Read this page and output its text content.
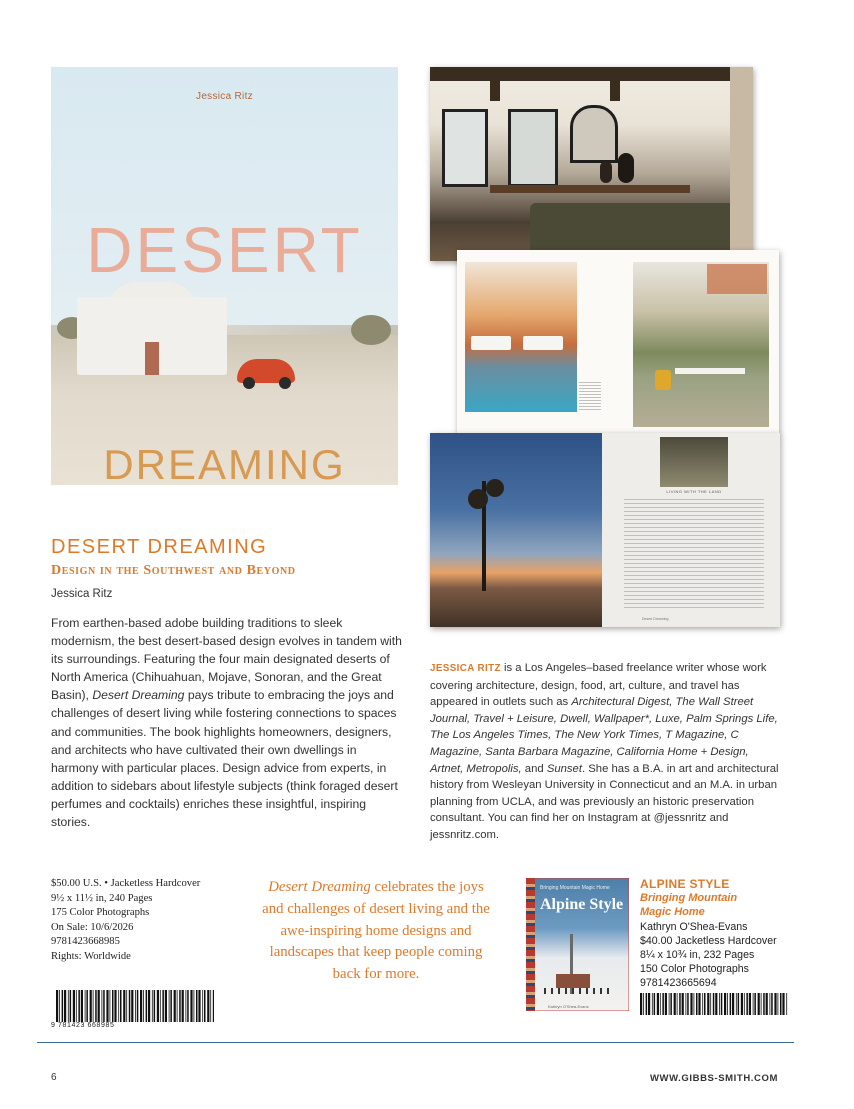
Jessica Ritz
DESERT
DREAMING
LIVING WITH THE LAND
Desert Dreaming
DESERT DREAMING
Design in the Southwest and Beyond
Jessica Ritz
From earthen-based adobe building traditions to sleek modernism, the best desert-based design evolves in tandem with its surroundings. Featuring the four main designated deserts of North America (Chihuahuan, Mojave, Sonoran, and the Great Basin), Desert Dreaming pays tribute to embracing the joys and challenges of desert living while fostering connections to spaces and communities. The book highlights homeowners, designers, and architects who have cultivated their own dwellings in harmony with particular places. Design advice from experts, in addition to sidebars about lifestyle subjects (think foraged desert perfumes and cocktails) enriches these insightful, inspiring stories.
JESSICA RITZ is a Los Angeles–based freelance writer whose work covering architecture, design, food, art, culture, and travel has appeared in outlets such as Architectural Digest, The Wall Street Journal, Travel + Leisure, Dwell, Wallpaper*, Luxe, Palm Springs Life, The Los Angeles Times, The New York Times, T Magazine, C Magazine, Santa Barbara Magazine, California Home + Design, Artnet, Metropolis, and Sunset. She has a B.A. in art and architectural history from Wesleyan University in Connecticut and an M.A. in urban planning from UCLA, and was previously an historic preservation consultant. You can find her on Instagram at @jessnritz and jessnritz.com.
$50.00 U.S. • Jacketless Hardcover
9½ x 11½ in, 240 Pages
175 Color Photographs
On Sale: 10/6/2026
9781423668985
Rights: Worldwide
9 781423 668985
Desert Dreaming celebrates the joys and challenges of desert living and the awe-inspiring home designs and landscapes that keep people coming back for more.
Bringing Mountain Magic Home
Alpine Style
Kathryn O'Shea-Evans
ALPINE STYLE
Bringing Mountain
Magic Home
Kathryn O'Shea-Evans
$40.00 Jacketless Hardcover
8¼ x 10¾ in, 232 Pages
150 Color Photographs
9781423665694
6	WWW.GIBBS-SMITH.COM
